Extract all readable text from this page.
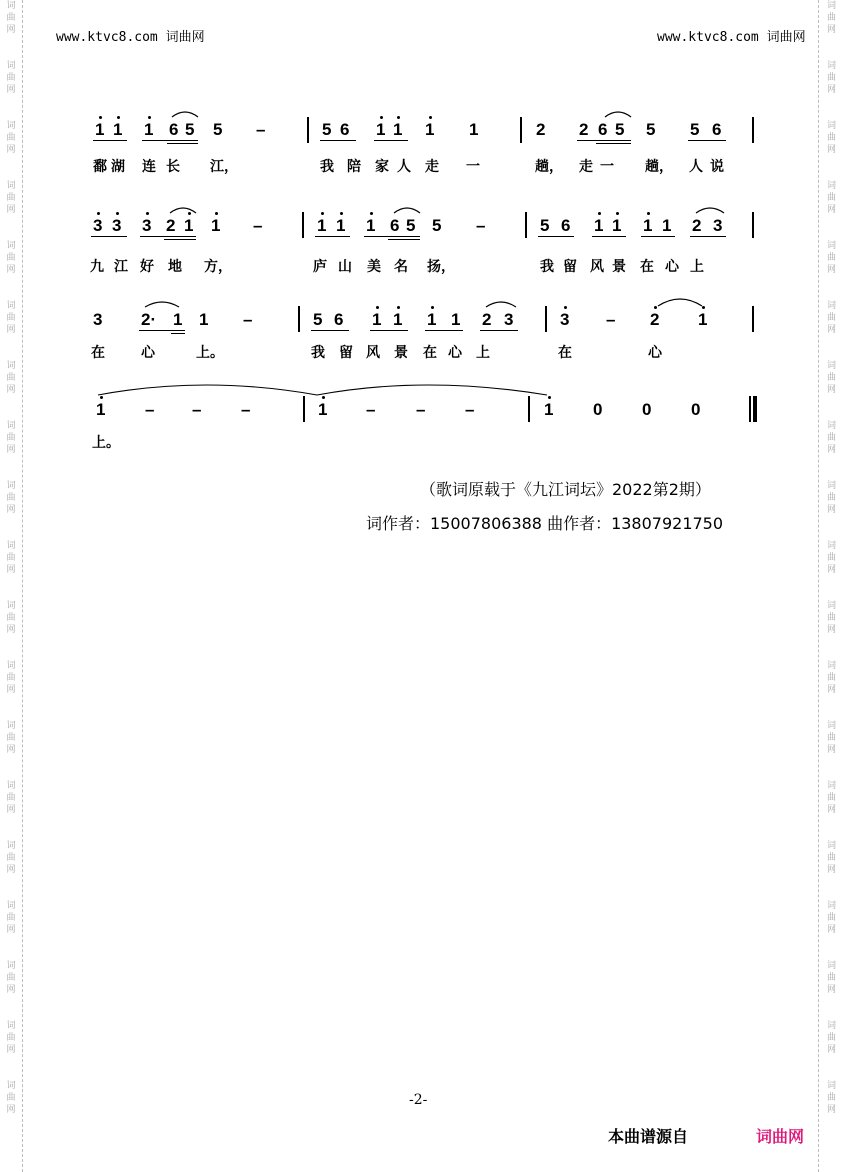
词
曲
网
词
曲
网
词
曲
网
词
曲
网
词
曲
网
词
曲
网
词
曲
网
词
曲
网
词
曲
网
词
曲
网
词
曲
网
词
曲
网
词
曲
网
词
曲
网
词
曲
网
词
曲
网
词
曲
网
词
曲
网
词
曲
网
词
曲
网
词
曲
网
词
曲
网
词
曲
网
词
曲
网
词
曲
网
词
曲
网
词
曲
网
词
曲
网
词
曲
网
词
曲
网
词
曲
网
词
曲
网
词
曲
网
词
曲
网
词
曲
网
词
曲
网
词
曲
网
词
曲
网
www.ktvc8.com 词曲网	www.ktvc8.com 词曲网
1 1 1 6 5 5 –	5 6 1 1 1 1	2 2 6 5 5 5 6
鄱 湖 连 长 江，	我 陪 家 人 走 一	趟， 走 一 趟， 人 说
3 3 3 2 1 1 –	1 1 1 6 5 5 –	5 6 1 1 1 1 2 3
九 江 好 地 方，	庐 山 美 名 扬，	我 留 风 景 在 心 上
3 2· 1 1 –	5 6 1 1 1 1 2 3	3 – 2 1
在	心	上。	我 留 风 景 在 心 上	在	心
1 – – –	1 – – –	1 0 0 0
上。
（歌词原载于《九江词坛》2022第2期）
词作者：15007806388 曲作者：13807921750
-2-
本曲谱源自	词曲网
